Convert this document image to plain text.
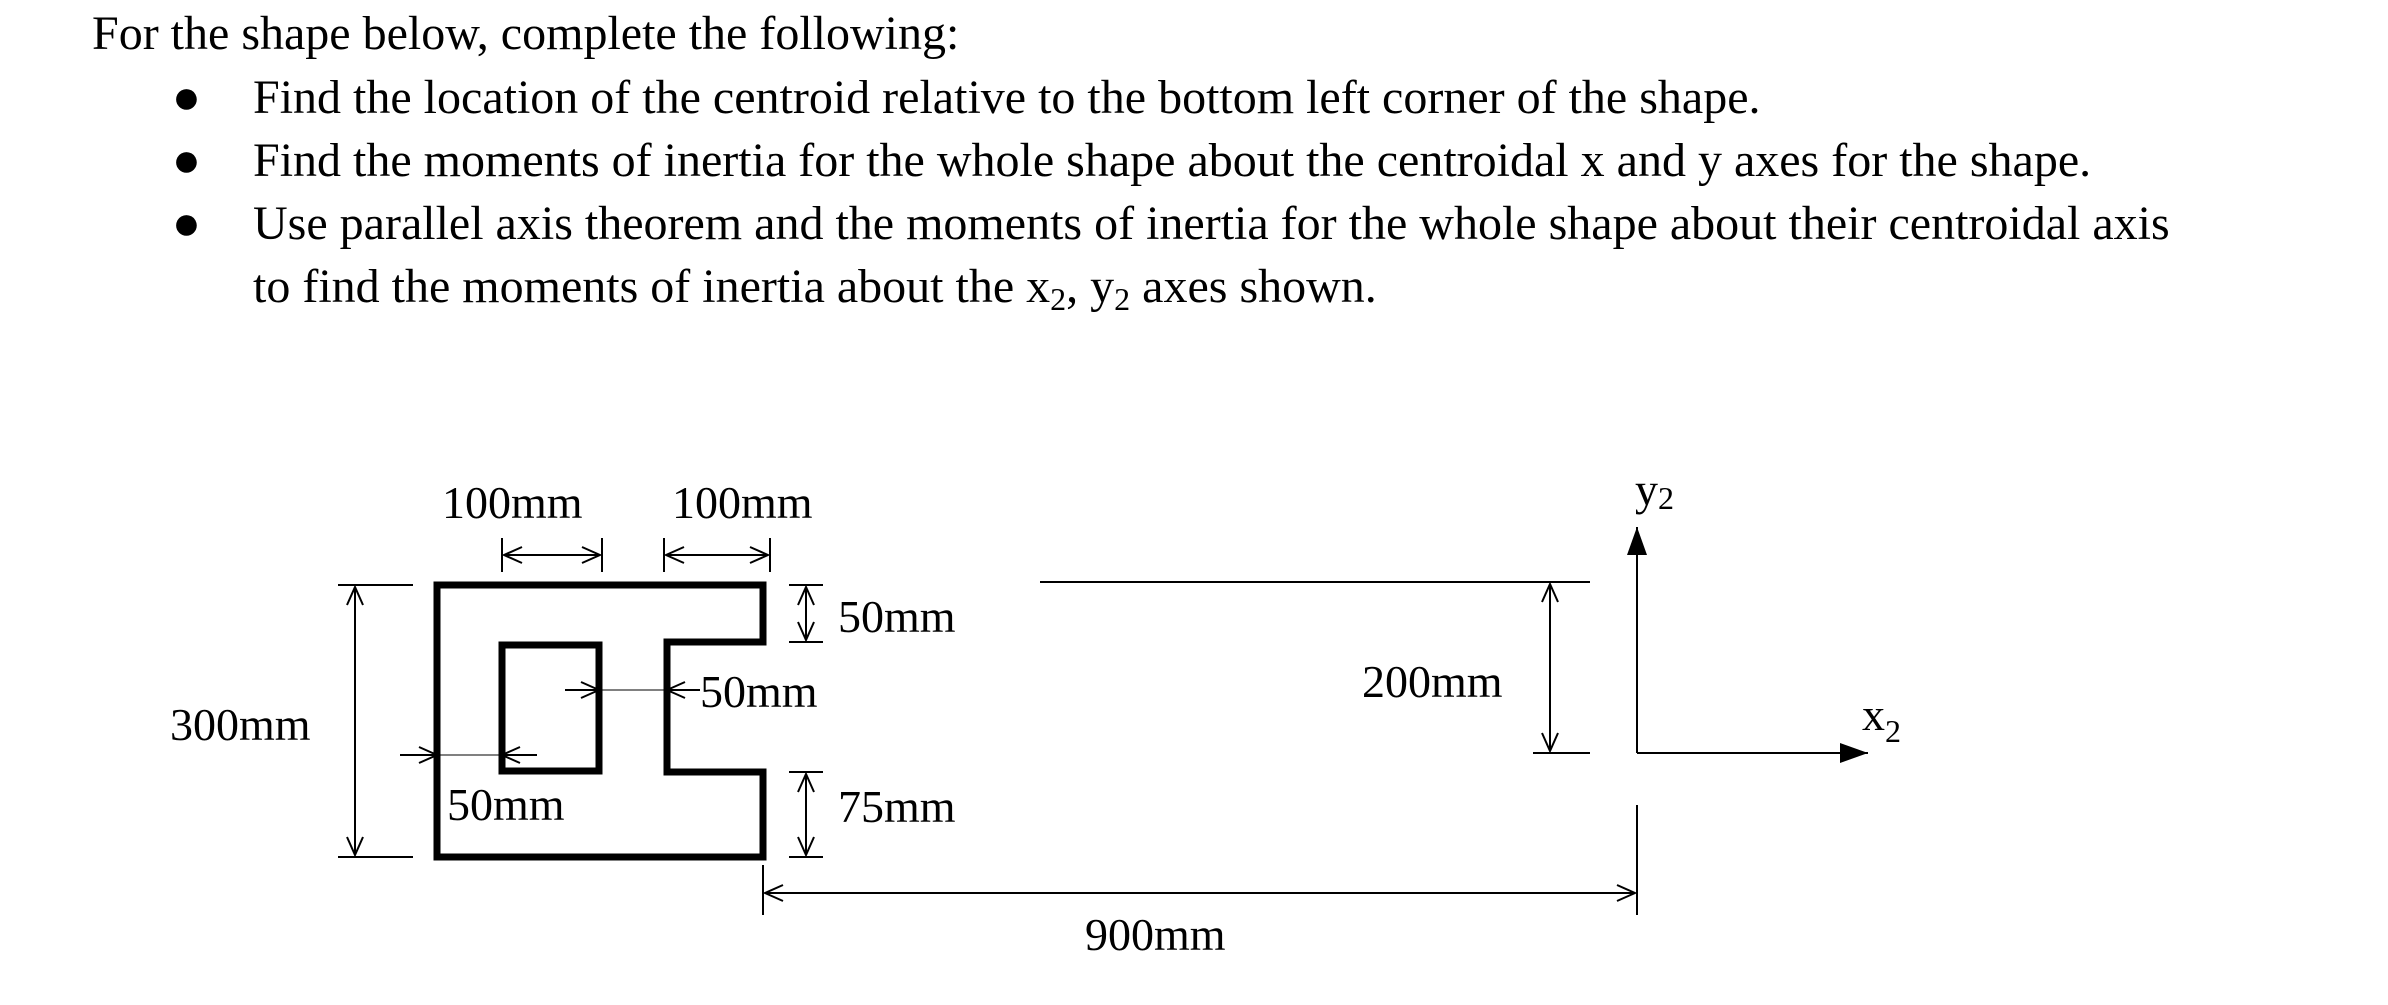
For the shape below, complete the following:
● Find the location of the centroid relative to the bottom left corner of the shape.
● Find the moments of inertia for the whole shape about the centroidal x and y axes for the shape.
● Use parallel axis theorem and the moments of inertia for the whole shape about their centroidal axis to find the moments of inertia about the $x_2$, $y_2$ axes shown.
100mm 100mm
50mm
50mm
300mm
50mm	75mm
900mm
200mm
y2
$x_2$
